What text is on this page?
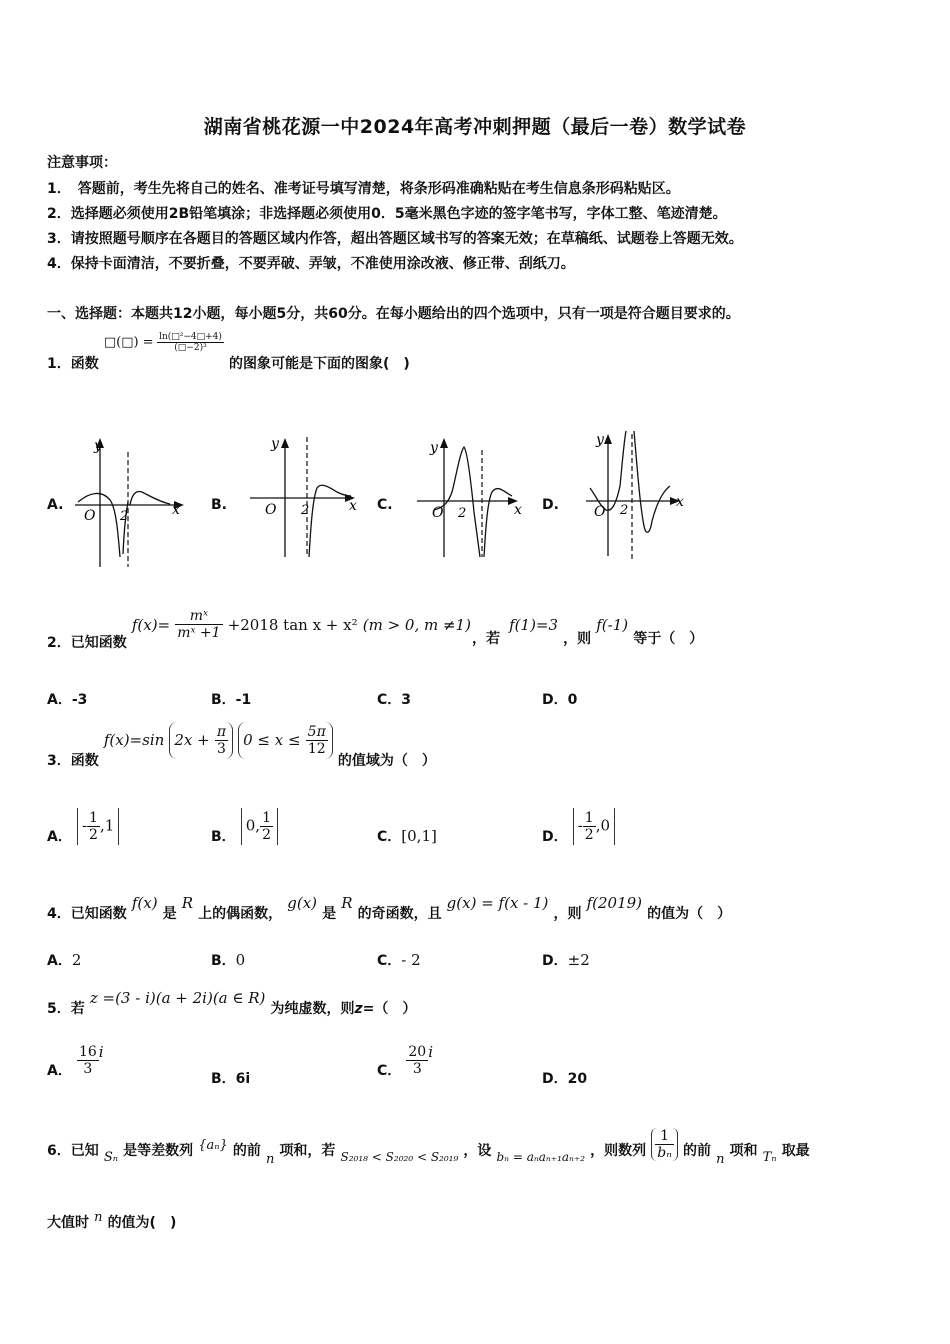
湖南省桃花源一中2024年高考冲刺押题（最后一卷）数学试卷
注意事项：
1．　答题前，考生先将自己的姓名、准考证号填写清楚，将条形码准确粘贴在考生信息条形码粘贴区。
2．选择题必须使用2B铅笔填涂；非选择题必须使用0．5毫米黑色字迹的签字笔书写，字体工整、笔迹清楚。
3．请按照题号顺序在各题目的答题区域内作答，超出答题区域书写的答案无效；在草稿纸、试题卷上答题无效。
4．保持卡面清洁，不要折叠，不要弄破、弄皱，不准使用涂改液、修正带、刮纸刀。
一、选择题：本题共12小题，每小题5分，共60分。在每小题给出的四个选项中，只有一项是符合题目要求的。
1．函数 □(□) = $\frac{\text{ln(□²−4□+4)}}{\text{(□−2)³}}$
的图象可能是下面的图象(　)
A.	B.	C.	D.
y
x
O 2
y
x
O 2
y
x
O 2
y
x
O 2
2．已知函数 $f(x)= \frac{\text{mˣ}}{\text{mˣ +1}} +2018$ tan x + x² (m > 0, m ≠1) ，若 f(1)=3 ，则 f(-1) 等于（　）
A．-3	B．-1	C．3	D．0
3．函数 f(x)=sin $2x + \frac{\pi}{3} 0 \le x \le \frac{5\pi}{12}$
的值域为（　）
A． - $\frac{1}{2} ,1$
B． 0, $\frac{1}{2}$	C．[0,1]	D． - $\frac{1}{2} ,0$
4．已知函数 f(x) 是 R 上的偶函数， g(x) 是 R 的奇函数，且 g(x) = f(x - 1) ，则 f(2019) 的值为（　）
A．2	B．0	C．- 2	D．±2
5．若 z =(3 - i)(a + 2i)(a ∈ R) 为纯虚数，则z=（　）
A． $\frac{16}{3}$ i
B．6i	C． $\frac{20}{3}$ i
D．20
6．已知 $_{S_n}$ 是等差数列 {aₙ} 的前 $_n$ 项和，若 $_{S_{2018} < S_{2020} < S_{2019}}$ ，设 $_{b_n = a_na_{n+1}a_{n+2}}$ ，则数列 $\frac{1}{\text{bₙ}}$ 的前 $_n$ 项和 $_{T_n}$ 取最
大值时 $^n$ 的值为(　)
